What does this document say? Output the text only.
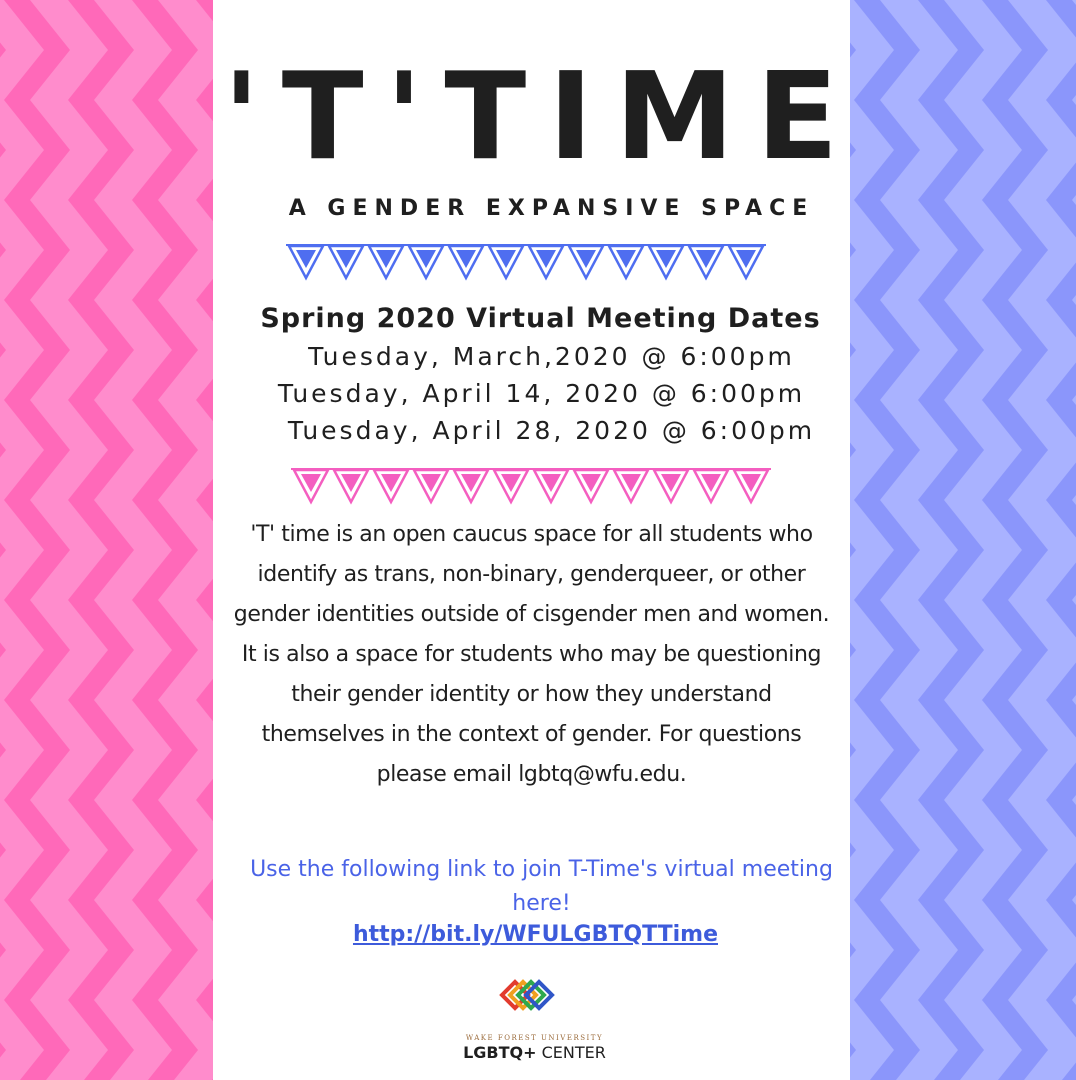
'T'TIME
A GENDER EXPANSIVE SPACE
Spring 2020 Virtual Meeting Dates
Tuesday, March,2020 @ 6:00pm
Tuesday, April 14, 2020 @ 6:00pm
Tuesday, April 28, 2020 @ 6:00pm
'T' time is an open caucus space for all students who identify as trans, non-binary, genderqueer, or other gender identities outside of cisgender men and women. It is also a space for students who may be questioning their gender identity or how they understand themselves in the context of gender. For questions please email lgbtq@wfu.edu.
Use the following link to join T-Time's virtual meeting here!
http://bit.ly/WFULGBTQTTime
WAKE FOREST UNIVERSITY
LGBTQ+ CENTER
